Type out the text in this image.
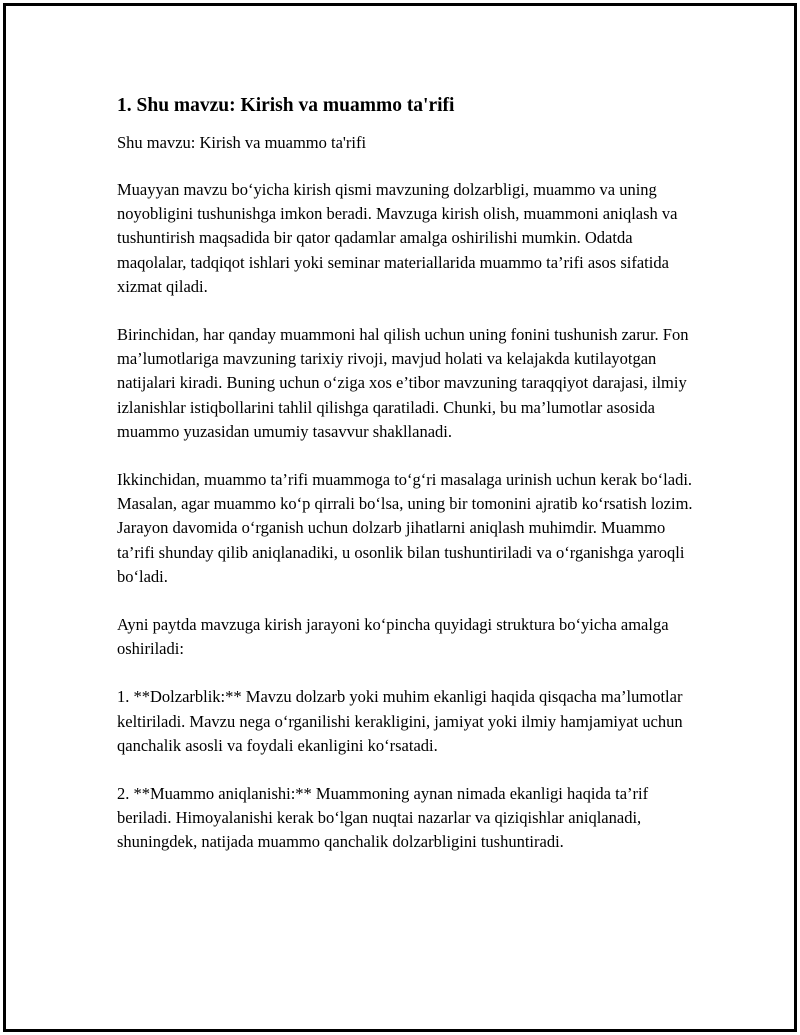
1. Shu mavzu: Kirish va muammo ta'rifi

Shu mavzu: Kirish va muammo ta'rifi

Muayyan mavzu bo‘yicha kirish qismi mavzuning dolzarbligi, muammo va uning noyobligini tushunishga imkon beradi. Mavzuga kirish olish, muammoni aniqlash va tushuntirish maqsadida bir qator qadamlar amalga oshirilishi mumkin. Odatda maqolalar, tadqiqot ishlari yoki seminar materiallarida muammo ta’rifi asos sifatida xizmat qiladi.

Birinchidan, har qanday muammoni hal qilish uchun uning fonini tushunish zarur. Fon ma’lumotlariga mavzuning tarixiy rivoji, mavjud holati va kelajakda kutilayotgan natijalari kiradi. Buning uchun o‘ziga xos e’tibor mavzuning taraqqiyot darajasi, ilmiy izlanishlar istiqbollarini tahlil qilishga qaratiladi. Chunki, bu ma’lumotlar asosida muammo yuzasidan umumiy tasavvur shakllanadi.

Ikkinchidan, muammo ta’rifi muammoga to‘g‘ri masalaga urinish uchun kerak bo‘ladi. Masalan, agar muammo ko‘p qirrali bo‘lsa, uning bir tomonini ajratib ko‘rsatish lozim. Jarayon davomida o‘rganish uchun dolzarb jihatlarni aniqlash muhimdir. Muammo ta’rifi shunday qilib aniqlanadiki, u osonlik bilan tushuntiriladi va o‘rganishga yaroqli bo‘ladi.

Ayni paytda mavzuga kirish jarayoni ko‘pincha quyidagi struktura bo‘yicha amalga oshiriladi:

1. **Dolzarblik:** Mavzu dolzarb yoki muhim ekanligi haqida qisqacha ma’lumotlar keltiriladi. Mavzu nega o‘rganilishi kerakligini, jamiyat yoki ilmiy hamjamiyat uchun qanchalik asosli va foydali ekanligini ko‘rsatadi.

2. **Muammo aniqlanishi:** Muammoning aynan nimada ekanligi haqida ta’rif beriladi. Himoyalanishi kerak bo‘lgan nuqtai nazarlar va qiziqishlar aniqlanadi, shuningdek, natijada muammo qanchalik dolzarbligini tushuntiradi.
